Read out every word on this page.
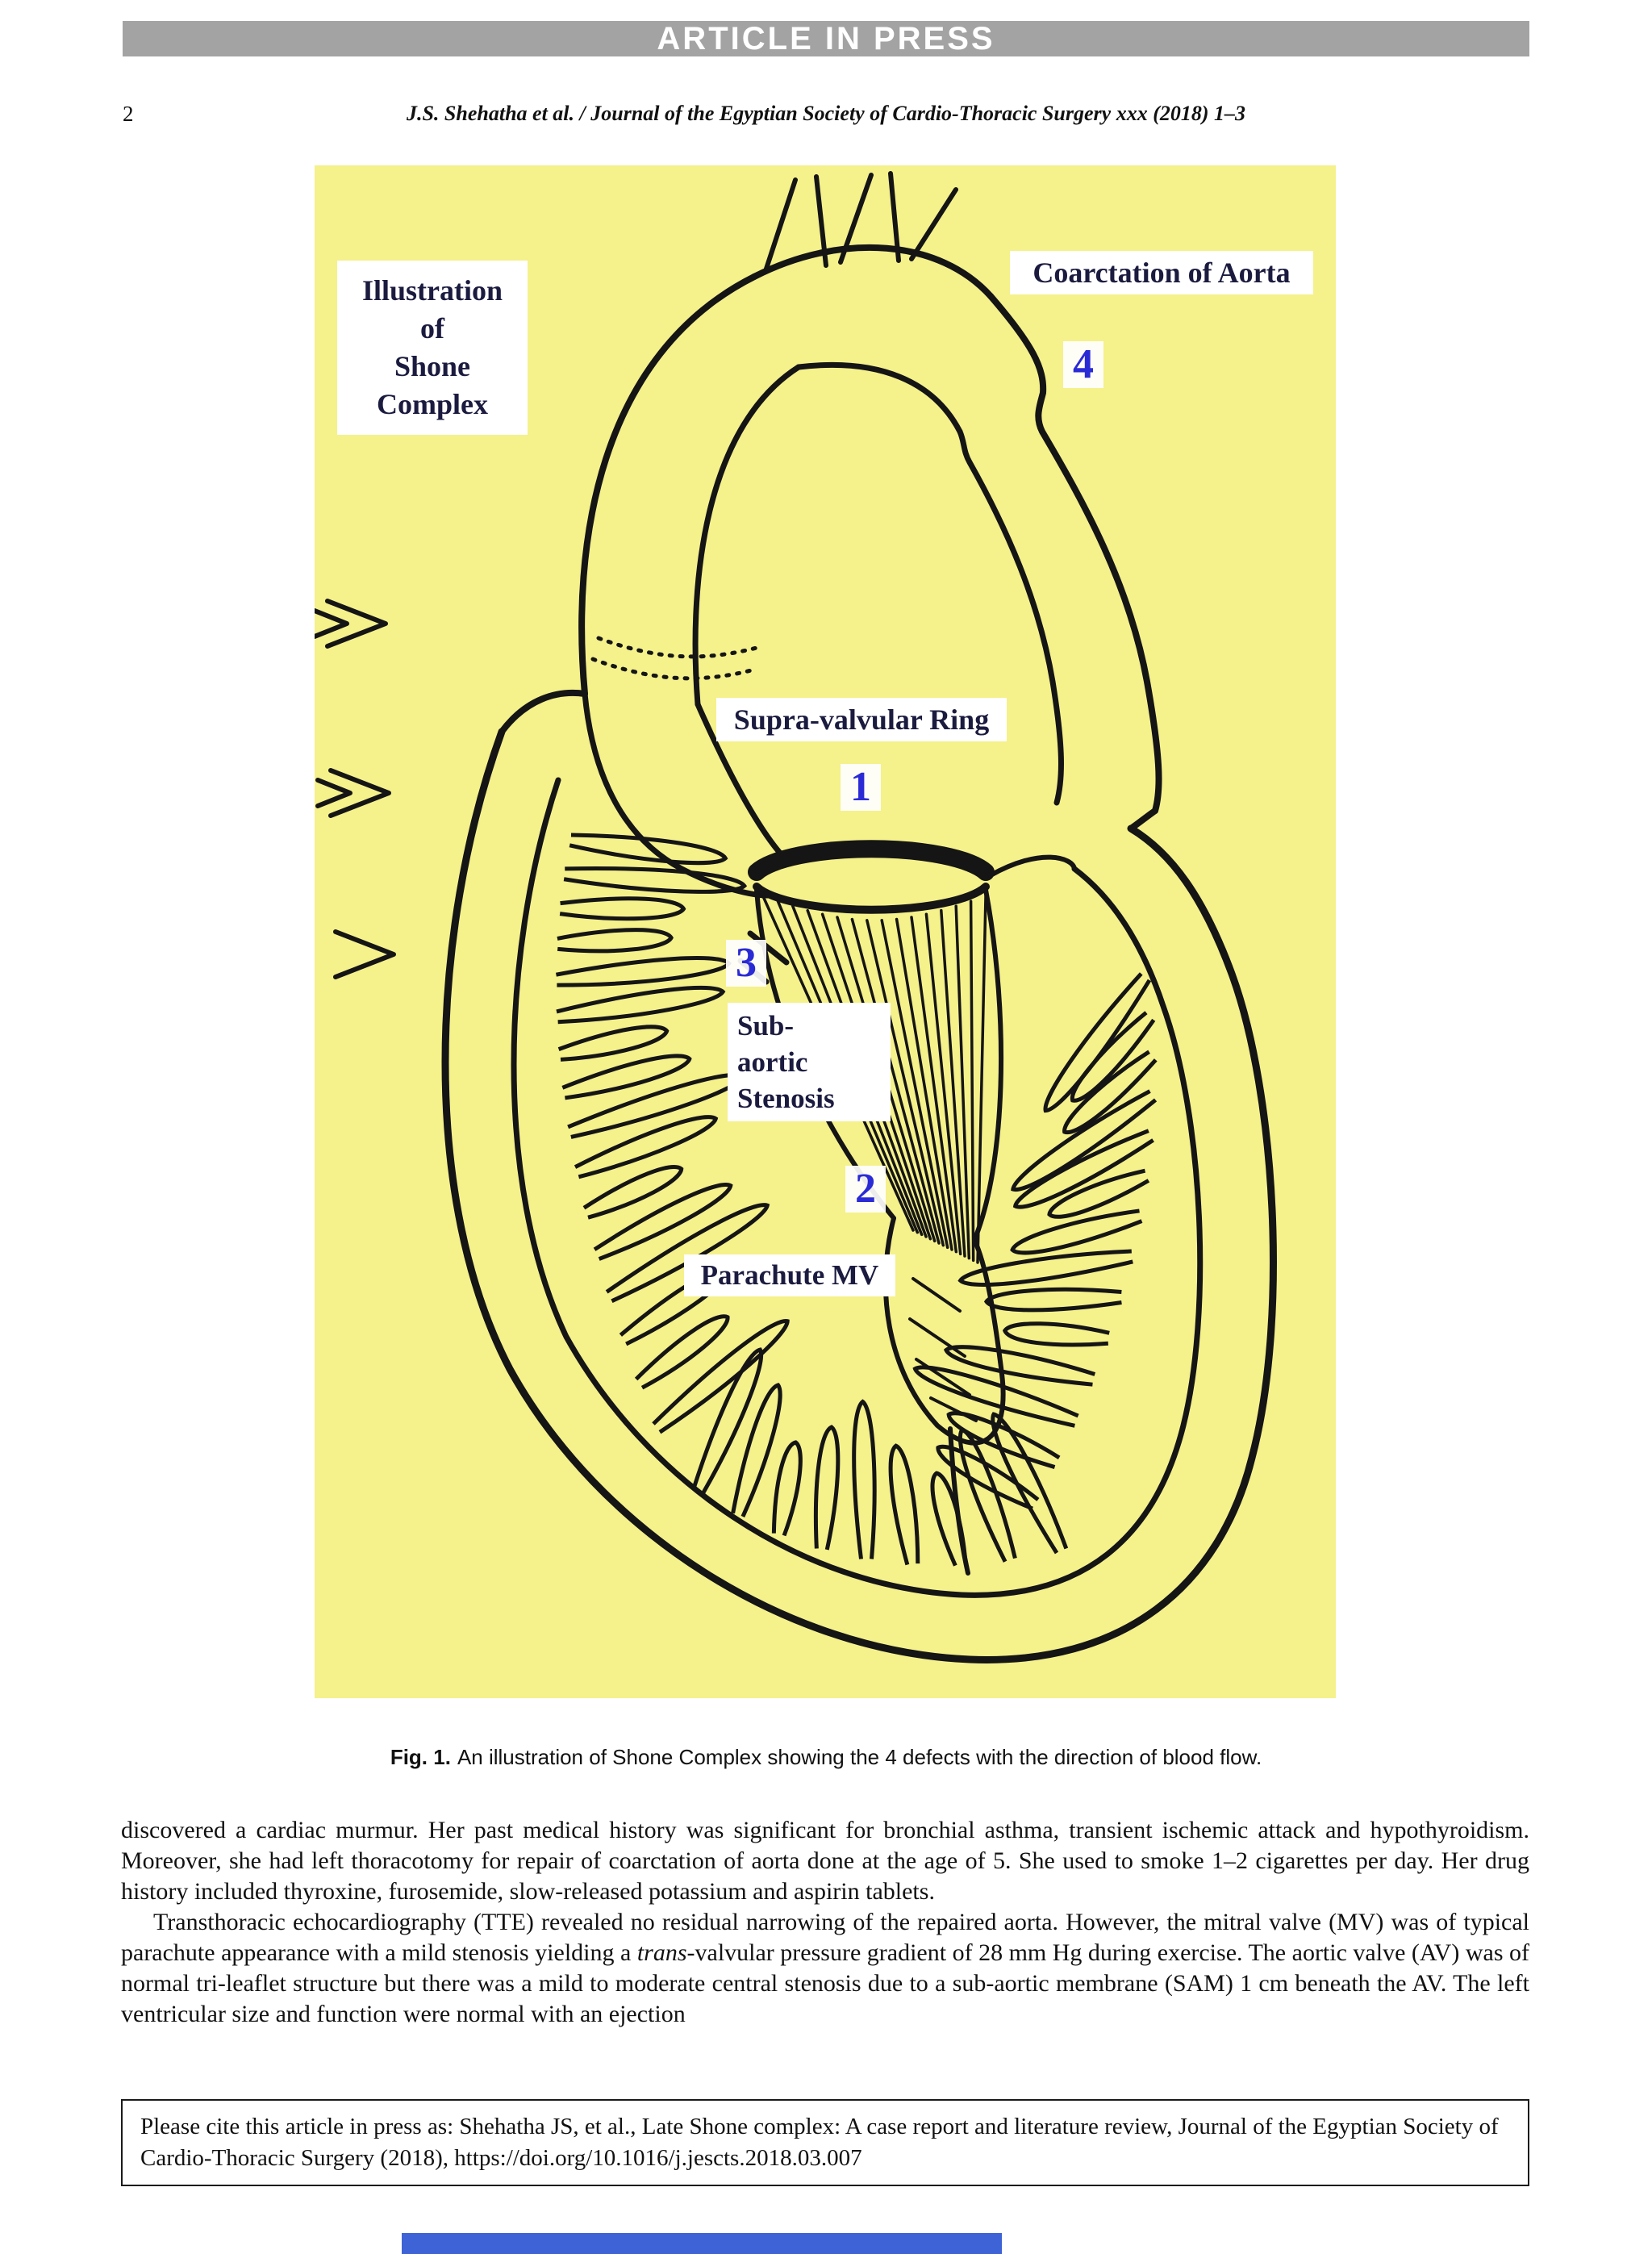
ARTICLE IN PRESS
2	J.S. Shehatha et al. / Journal of the Egyptian Society of Cardio-Thoracic Surgery xxx (2018) 1–3
Illustration
of
Shone
Complex
Coarctation of Aorta
4
Supra-valvular Ring
1
3
Sub-
aortic
Stenosis
2
Parachute MV
Fig. 1. An illustration of Shone Complex showing the 4 defects with the direction of blood flow.

discovered a cardiac murmur. Her past medical history was significant for bronchial asthma, transient ischemic attack and hypothyroidism. Moreover, she had left thoracotomy for repair of coarctation of aorta done at the age of 5. She used to smoke 1–2 cigarettes per day. Her drug history included thyroxine, furosemide, slow-released potassium and aspirin tablets.

Transthoracic echocardiography (TTE) revealed no residual narrowing of the repaired aorta. However, the mitral valve (MV) was of typical parachute appearance with a mild stenosis yielding a trans-valvular pressure gradient of 28 mm Hg during exercise. The aortic valve (AV) was of normal tri-leaflet structure but there was a mild to moderate central stenosis due to a sub-aortic membrane (SAM) 1 cm beneath the AV. The left ventricular size and function were normal with an ejection

Please cite this article in press as: Shehatha JS, et al., Late Shone complex: A case report and literature review, Journal of the Egyptian Society of Cardio-Thoracic Surgery (2018), https://doi.org/10.1016/j.jescts.2018.03.007
